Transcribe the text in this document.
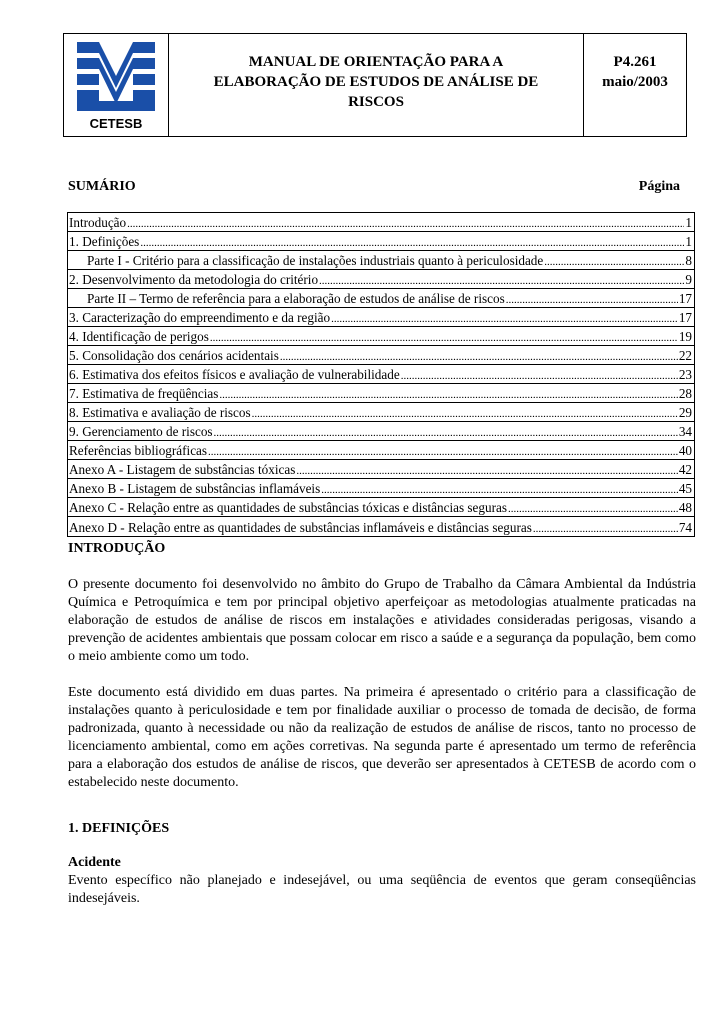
CETESB
MANUAL DE ORIENTAÇÃO PARA A
ELABORAÇÃO DE ESTUDOS DE ANÁLISE DE
RISCOS
P4.261
maio/2003
SUMÁRIO	Página
Introdução .....	1
1. Definições .....	1
Parte I - Critério para a classificação de instalações industriais quanto à periculosidade .....	8
2. Desenvolvimento da metodologia do critério .....	9
Parte II – Termo de referência para a elaboração de estudos de análise de riscos .....	17
3. Caracterização do empreendimento e da região .....	17
4. Identificação de perigos .....	19
5. Consolidação dos cenários acidentais .....	22
6. Estimativa dos efeitos físicos e avaliação de vulnerabilidade .....	23
7. Estimativa de freqüências .....	28
8. Estimativa e avaliação de riscos .....	29
9. Gerenciamento de riscos .....	34
Referências bibliográficas .....	40
Anexo A - Listagem de substâncias tóxicas .....	42
Anexo B - Listagem de substâncias inflamáveis .....	45
Anexo C - Relação entre as quantidades de substâncias tóxicas e distâncias seguras .....	48
Anexo D - Relação entre as quantidades de substâncias inflamáveis e distâncias seguras .....	74
INTRODUÇÃO
O presente documento foi desenvolvido no âmbito do Grupo de Trabalho da Câmara Ambiental da Indústria Química e Petroquímica e tem por principal objetivo aperfeiçoar as metodologias atualmente praticadas na elaboração de estudos de análise de riscos em instalações e atividades consideradas perigosas, visando a prevenção de acidentes ambientais que possam colocar em risco a saúde e a segurança da população, bem como o meio ambiente como um todo.
Este documento está dividido em duas partes. Na primeira é apresentado o critério para a classificação de instalações quanto à periculosidade e tem por finalidade auxiliar o processo de tomada de decisão, de forma padronizada, quanto à necessidade ou não da realização de estudos de análise de riscos, tanto no processo de licenciamento ambiental, como em ações corretivas. Na segunda parte é apresentado um termo de referência para a elaboração dos estudos de análise de riscos, que deverão ser apresentados à CETESB de acordo com o estabelecido neste documento.
1. DEFINIÇÕES
Acidente
Evento específico não planejado e indesejável, ou uma seqüência de eventos que geram conseqüências indesejáveis.
